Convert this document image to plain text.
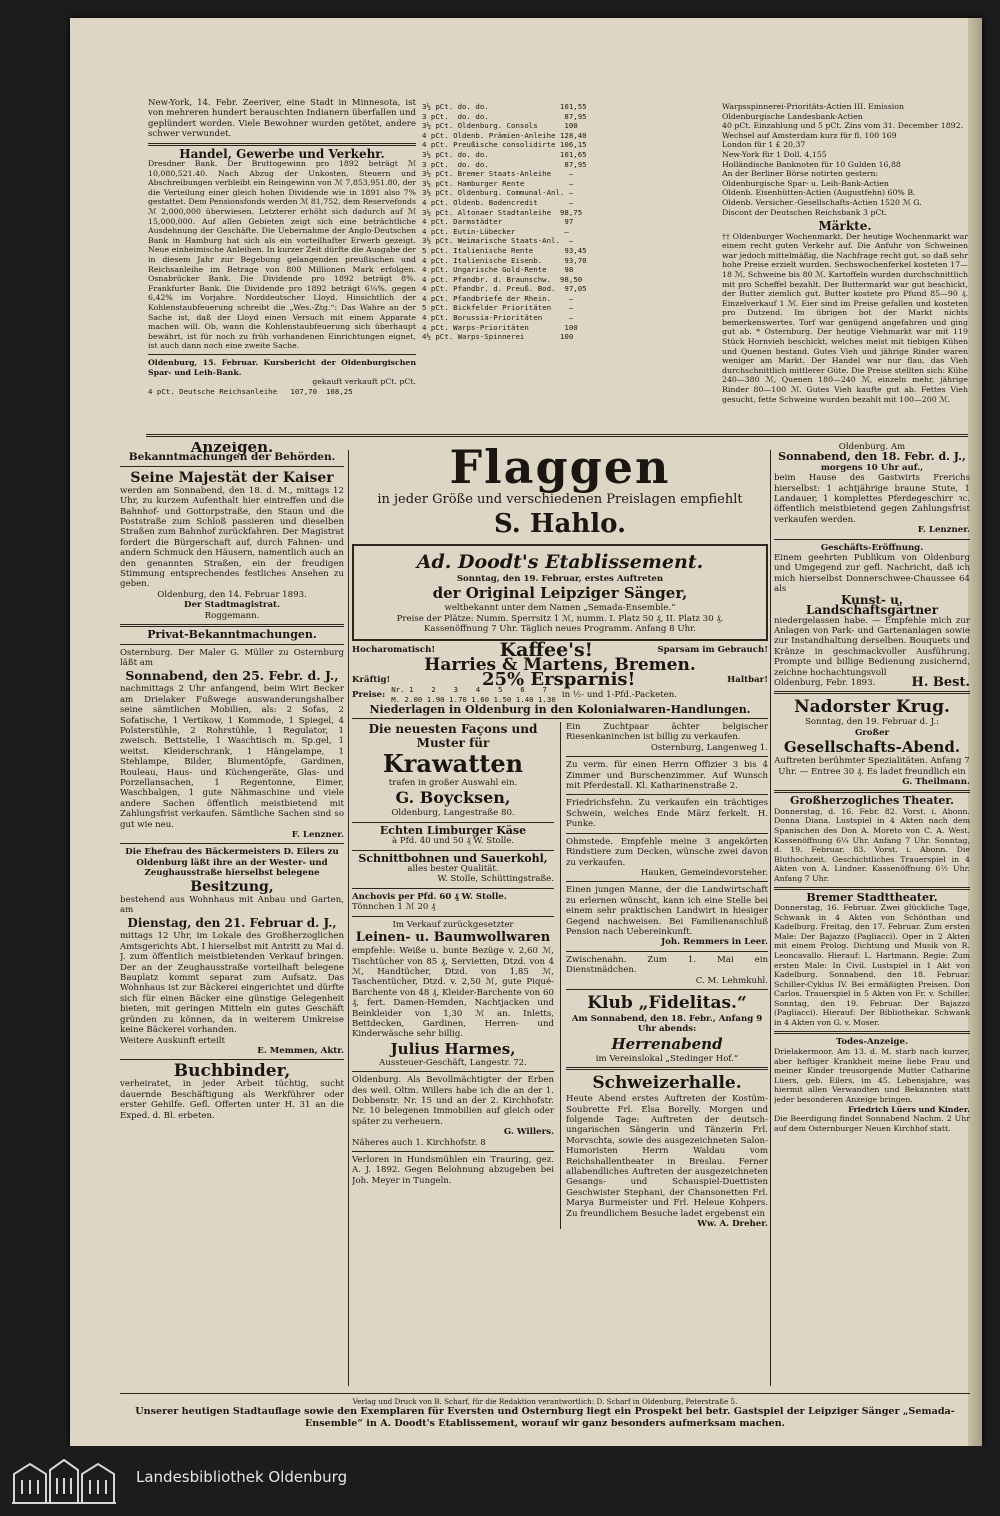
New-York, 14. Febr. Zeeriver, eine Stadt in Minnesota, ist von mehreren hundert berauschten Indianern überfallen und geplündert worden. Viele Bewohner wurden getötet, andere schwer verwundet.
Handel, Gewerbe und Verkehr.
Dresdner Bank. Der Bruttogewinn pro 1892 beträgt ℳ 10,080,521.40. Nach Abzug der Unkosten, Steuern und Abschreibungen verbleibt ein Reingewinn von ℳ 7,853,951.80, der die Verteilung einer gleich hohen Dividende wie in 1891 also 7% gestattet. Dem Pensionsfonds werden ℳ 81,752, dem Reservefonds ℳ 2,000,000 überwiesen. Letzterer erhöht sich dadurch auf ℳ 15,000,000. Auf allen Gebieten zeigt sich eine beträchtliche Ausdehnung der Geschäfte. Die Uebernahme der Anglo-Deutschen Bank in Hamburg hat sich als ein vorteilhafter Erwerb gezeigt. Neue einheimische Anleihen. In kurzer Zeit dürfte die Ausgabe der in diesem Jahr zur Begebung gelangenden preußischen und Reichsanleihe im Betrage von 800 Millionen Mark erfolgen. Osnabrücker Bank. Die Dividende pro 1892 beträgt 8%. Frankfurter Bank. Die Dividende pro 1892 beträgt 6¼%. gegen 6,42% im Vorjahre. Norddeutscher Lloyd. Hinsichtlich der Kohlenstaubfeuerung schreibt die „Wes.-Ztg.“: Das Wahre an der Sache ist, daß der Lloyd einen Versuch mit einem Apparate machen will. Ob, wann die Kohlenstaubfeuerung sich überhaupt bewährt, ist für noch zu früh vorhandenen Einrichtungen eignet, ist auch dann noch eine zweite Sache.
Oldenburg, 15. Februar. Kursbericht der Oldenburgischen Spar- und Leih-Bank.
gekauft verkauft pCt. pCt.
4 pCt. Deutsche Reichsanleihe   107,70  108,25
3½ pCt. do. do.                101,55
3 pCt.  do. do.                 87,95
3½ pCt. Oldenburg. Consols      100
4 pCt. Oldenb. Prämien-Anleihe 128,40
4 pCt. Preußische consolidirte 106,15
3½ pCt. do. do.                101,65
3 pCt.  do. do.                 87,95
3½ pCt. Bremer Staats-Anleihe    —
3½ pCt. Hamburger Rente          —
3½ pCt. Oldenburg. Communal-Anl. —
4 pCt. Oldenb. Bodencredit       —
3½ pCt. Altonaer Stadtanleihe  98,75
4 pCt. Darmstädter              97
4 pCt. Eutin-Lübecker           —
3½ pCt. Weimarische Staats-Anl.  —
5 pCt. Italienische Rente       93,45
4 pCt. Italienische Eisenb.     93,70
4 pCt. Ungarische Gold-Rente    98
4 pCt. Pfandbr. d. Braunschw.  98,50
4 pCt. Pfandbr. d. Preuß. Bod.  97,05
4 pCt. Pfandbriefe der Rhein.    —
5 pCt. Bickfelder Prioritäten    —
4 pCt. Borussia-Prioritäten      —
4 pCt. Warps-Prioritäten        100
4½ pCt. Warps-Spinnerei        100
Warpsspinnerei-Prioritäts-Actien III. Emission
Oldenburgische Landesbank-Actien
40 pCt. Einzahlung und 5 pCt. Zins vom 31. December 1892.
Wechsel auf Amsterdam kurz für fl. 100 169
London für 1 £ 20,37
New-York für 1 Doll. 4,155
Holländische Banknoten für 10 Gulden 16,88
An der Berliner Börse notirten gestern:
Oldenburgische Spar- u. Leih-Bank-Actien
Oldenb. Eisenhütten-Actien (Augustfehn) 60% B.
Oldenb. Versicher.-Gesellschafts-Actien 1520 ℳ G.
Discont der Deutschen Reichsbank 3 pCt.
Märkte.
†† Oldenburger Wochenmarkt. Der heutige Wochenmarkt war einem recht guten Verkehr auf. Die Anfuhr von Schweinen war jedoch mittelmäßig, die Nachfrage recht gut, so daß sehr hohe Preise erzielt wurden. Sechswochenferkel kosteten 17—18 ℳ, Schweine bis 80 ℳ. Kartoffeln wurden durchschnittlich mit pro Scheffel bezahlt. Der Buttermarkt war gut beschickt, der Butter ziemlich gut. Butter kostete pro Pfund 85—90 ₰. Einzelverkauf 1 ℳ. Eier sind im Preise gefallen und kosteten pro Dutzend. Im übrigen bot der Markt nichts bemerkenswertes. Torf war genügend angefahren und ging gut ab. * Osternburg. Der heutige Viehmarkt war mit 119 Stück Hornvieh beschickt, welches meist mit tiebigen Kühen und Quenen bestand. Gutes Vieh und jährige Rinder waren weniger am Markt. Der Handel war nur flau, das Vieh durchschnittlich mittlerer Güte. Die Preise stellten sich: Kühe 240—380 ℳ, Quenen 180—240 ℳ, einzeln mehr, jährige Rinder 80—100 ℳ. Gutes Vieh kaufte gut ab. Fettes Vieh gesucht, fette Schweine wurden bezahlt mit 100—200 ℳ.
Anzeigen.
Bekanntmachungen der Behörden.
Seine Majestät der Kaiser
werden am Sonnabend, den 18. d. M., mittags 12 Uhr, zu kurzem Aufenthalt hier eintreffen und die Bahnhof- und Gottorpstraße, den Staun und die Poststraße zum Schloß passieren und dieselben Straßen zum Bahnhof zurückfahren. Der Magistrat fordert die Bürgerschaft auf, durch Fahnen- und andern Schmuck den Häusern, namentlich auch an den genannten Straßen, ein der freudigen Stimmung entsprechendes festliches Ansehen zu geben.
Oldenburg, den 14. Februar 1893.
Der Stadtmagistrat.
Roggemann.
Privat-Bekanntmachungen.
Osternburg. Der Maler G. Müller zu Osternburg läßt am
Sonnabend, den 25. Febr. d. J.,
nachmittags 2 Uhr anfangend, beim Wirt Becker am Drielaker Fußwege auswanderungshalber seine sämtlichen Mobilien, als: 2 Sofas, 2 Sofatische, 1 Vertikow, 1 Kommode, 1 Spiegel, 4 Polsterstühle, 2 Rohrstühle, 1 Regulator, 1 zweisch. Bettstelle, 1 Waschtisch m. Sp.gel, 1 weitst. Kleiderschrank, 1 Hängelampe, 1 Stehlampe, Bilder, Blumentöpfe, Gardinen, Rouleau, Haus- und Küchengeräte, Glas- und Porzellansachen, 1 Regentonne, Eimer, Waschbalgen, 1 gute Nähmaschine und viele andere Sachen öffentlich meistbietend mit Zahlungsfrist verkaufen. Sämtliche Sachen sind so gut wie neu.
F. Lenzner.
Die Ehefrau des Bäckermeisters D. Eilers zu Oldenburg läßt ihre an der Wester- und Zeughausstraße hierselbst belegene
Besitzung,
bestehend aus Wohnhaus mit Anbau und Garten, am
Dienstag, den 21. Februar d. J.,
mittags 12 Uhr, im Lokale des Großherzoglichen Amtsgerichts Abt. I hierselbst mit Antritt zu Mai d. J. zum öffentlich meistbietenden Verkauf bringen. Der an der Zeughausstraße vorteilhaft belegene Bauplatz kommt separat zum Aufsatz. Das Wohnhaus ist zur Bäckerei eingerichtet und dürfte sich für einen Bäcker eine günstige Gelegenheit bieten, mit geringen Mitteln ein gutes Geschäft gründen zu können, da in weiterem Umkreise keine Bäckerei vorhanden.
Weitere Auskunft erteilt
E. Memmen, Aktr.
Buchbinder,
verheiratet, in jeder Arbeit tüchtig, sucht dauernde Beschäftigung als Werkführer oder erster Gehilfe. Gefl. Offerten unter H. 31 an die Exped. d. Bl. erbeten.
Flaggen
in jeder Größe und verschiedenen Preislagen empfiehlt
S. Hahlo.
Ad. Doodt's Etablissement.
Sonntag, den 19. Februar, erstes Auftreten
der Original Leipziger Sänger,
weltbekannt unter dem Namen „Semada-Ensemble.“
Preise der Plätze: Numm. Sperrsitz 1 ℳ, numm. I. Platz 50 ₰, II. Platz 30 ₰.
Kassenöffnung 7 Uhr. Täglich neues Programm. Anfang 8 Uhr.
Hocharomatisch!	Kaffee's!	Sparsam im Gebrauch!
Harries & Martens, Bremen.
Kräftig!	25% Ersparnis!	Haltbar!
Preise: Nr. 1    2    3    4    5    6    7
M. 2.00 1.90 1.70 1.60 1.50 1.40 1.30 in ½- und 1-Pfd.-Packeten.
Niederlagen in Oldenburg in den Kolonialwaren-Handlungen.
Die neuesten Façons und Muster für
Krawatten
trafen in großer Auswahl ein.
G. Boycksen,
Oldenburg, Langestraße 80.
Echten Limburger Käse
à Pfd. 40 und 50 ₰ W. Stolle.
Schnittbohnen und Sauerkohl,
alles bester Qualität.
W. Stolle, Schüttingstraße.
Anchovis per Pfd. 60 ₰ W. Stolle.
Tönnchen 1 ℳ 20 ₰
Im Verkauf zurückgesetzter
Leinen- u. Baumwollwaren
empfehle: Weiße u. bunte Bezüge v. 2,60 ℳ, Tischtücher von 85 ₰, Servietten, Dtzd. von 4 ℳ, Handtücher, Dtzd. von 1,85 ℳ, Taschentücher, Dtzd. v. 2,50 ℳ, gute Piqué-Barchente von 48 ₰, Kleider-Barchente von 60 ₰, fert. Damen-Hemden, Nachtjacken und Beinkleider von 1,30 ℳ an. Inletts, Bettdecken, Gardinen, Herren- und Kinderwäsche sehr billig.
Julius Harmes,
Aussteuer-Geschäft, Langestr. 72.
Oldenburg. Als Bevollmächtigter der Erben des weil. Oltm. Willers habe ich die an der 1. Dobbenstr. Nr. 15 und an der 2. Kirchhofstr. Nr. 10 belegenen Immobilien auf gleich oder später zu verheuern.
G. Willers.
Näheres auch 1. Kirchhofstr. 8
Verloren in Hundsmühlen ein Trauring, gez. A. J. 1892. Gegen Belohnung abzugeben bei Joh. Meyer in Tungeln.
Ein Zuchtpaar ächter belgischer Riesenkaninchen ist billig zu verkaufen.
Osternburg, Langenweg 1.
Zu verm. für einen Herrn Offizier 3 bis 4 Zimmer und Burschenzimmer. Auf Wunsch mit Pferdestall. Kl. Katharinenstraße 2.
Friedrichsfehn. Zu verkaufen ein trächtiges Schwein, welches Ende März ferkelt. H. Punke.
Ohmstede. Empfehle meine 3 angekörten Rindstiere zum Decken, wünsche zwei davon zu verkaufen.
Hauken, Gemeindevorsteher.
Einen jungen Manne, der die Landwirtschaft zu erlernen wünscht, kann ich eine Stelle bei einem sehr praktischen Landwirt in hiesiger Gegend nachweisen. Bei Familienanschluß Pension nach Uebereinkunft.
Joh. Remmers in Leer.
Zwischenahn. Zum 1. Mai ein Dienstmädchen.
C. M. Lehmkuhl.
Klub „Fidelitas.“
Am Sonnabend, den 18. Febr., Anfang 9 Uhr abends:
Herrenabend
im Vereinslokal „Stedinger Hof.“
Schweizerhalle.
Heute Abend erstes Auftreten der Kostüm-Soubrette Frl. Elsa Borelly. Morgen und folgende Tage: Auftreten der deutsch-ungarischen Sängerin und Tänzerin Frl. Morvschta, sowie des ausgezeichneten Salon-Humoristen Herrn Waldau vom Reichshallentheater in Breslau. Ferner allabendliches Auftreten der ausgezeichneten Gesangs- und Schauspiel-Duettisten Geschwister Stephani, der Chansonetten Frl. Marya Burmeister und Frl. Heleue Kohpers. Zu freundlichem Besuche ladet ergebenst ein
Ww. A. Dreher.
Oldenburg. Am
Sonnabend, den 18. Febr. d. J.,
morgens 10 Uhr auf.,
beim Hause des Gastwirts Frerichs hierselbst: 1 achtjährige braune Stute, 1 Landauer, 1 komplettes Pferdegeschirr ꝛc. öffentlich meistbietend gegen Zahlungsfrist verkaufen werden.
F. Lenzner.
Geschäfts-Eröffnung.
Einem geehrten Publikum von Oldenburg und Umgegend zur gefl. Nachricht, daß ich mich hierselbst Donnerschwee-Chaussee 64 als
Kunst- u. Landschaftsgärtner
niedergelassen habe. — Empfehle mich zur Anlagen von Park- und Gartenanlagen sowie zur Instandhaltung derselben. Bouquets und Kränze in geschmackvoller Ausführung. Prompte und billige Bedienung zusichernd, zeichne hochachtungsvoll
Oldenburg, Febr. 1893.	H. Best.
Nadorster Krug.
Sonntag, den 19. Februar d. J.:
Großer
Gesellschafts-Abend.
Auftreten berühmter Spezialitäten. Anfang 7 Uhr. — Entree 30 ₰. Es ladet freundlich ein
G. Theilmann.
Großherzogliches Theater.
Donnerstag, d. 16. Febr. 82. Vorst. i. Abonn. Donna Diana. Lustspiel in 4 Akten nach dem Spanischen des Don A. Moreto von C. A. West. Kassenöffnung 6¼ Uhr. Anfang 7 Uhr. Sonntag, d. 19. Februar. 83. Vorst. i. Abonn. Die Bluthochzeit. Geschichtliches Trauerspiel in 4 Akten von A. Lindner. Kassenöffnung 6½ Uhr. Anfang 7 Uhr.
Bremer Stadttheater.
Donnerstag, 16. Februar. Zwei glückliche Tage, Schwank in 4 Akten von Schönthan und Kadelburg. Freitag, den 17. Februar. Zum ersten Male: Der Bajazzo (Pagliacci). Oper in 2 Akten mit einem Prolog. Dichtung und Musik von R. Leoncavallo. Hierauf: L. Hartmann. Regie: Zum ersten Male: In Civil. Lustspiel in 1 Akt von Kadelburg. Sonnabend, den 18. Februar. Schiller-Cyklus IV. Bei ermäßigten Preisen. Don Carlos. Trauerspiel in 5 Akten von Fr. v. Schiller. Sonntag, den 19. Februar. Der Bajazzo (Pagliacci). Hierauf: Der Bibliothekar. Schwank in 4 Akten von G. v. Moser.
Todes-Anzeige.
Drielakermoor. Am 13. d. M. starb nach kurzer, aber heftiger Krankheit meine liebe Frau und meiner Kinder treusorgende Mutter Catharine Lüers, geb. Eilers, im 45. Lebensjahre, was hiermit allen Verwandten und Bekannten statt jeder besonderen Anzeige bringen.
Friedrich Lüers und Kinder.
Die Beerdigung findet Sonnabend Nachm. 2 Uhr auf dem Osternburger Neuen Kirchhof statt.
Verlag und Druck von B. Scharf, für die Redaktion verantwortlich: D. Scharf in Oldenburg, Peterstraße 5.
Unserer heutigen Stadtauflage sowie den Exemplaren für Eversten und Osternburg liegt ein Prospekt bei betr. Gastspiel der Leipziger Sänger „Semada-Ensemble“ in A. Doodt's Etablissement, worauf wir ganz besonders aufmerksam machen.
Landesbibliothek Oldenburg
